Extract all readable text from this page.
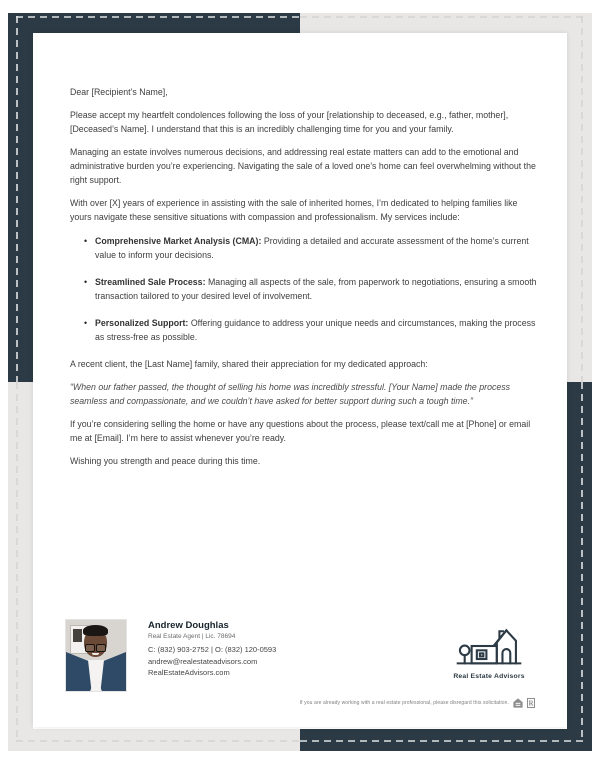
Dear [Recipient’s Name],

Please accept my heartfelt condolences following the loss of your [relationship to deceased, e.g., father, mother], [Deceased’s Name]. I understand that this is an incredibly challenging time for you and your family.

Managing an estate involves numerous decisions, and addressing real estate matters can add to the emotional and administrative burden you’re experiencing. Navigating the sale of a loved one’s home can feel overwhelming without the right support.

With over [X] years of experience in assisting with the sale of inherited homes, I’m dedicated to helping families like yours navigate these sensitive situations with compassion and professionalism. My services include:

• Comprehensive Market Analysis (CMA): Providing a detailed and accurate assessment of the home’s current value to inform your decisions.
• Streamlined Sale Process: Managing all aspects of the sale, from paperwork to negotiations, ensuring a smooth transaction tailored to your desired level of involvement.
• Personalized Support: Offering guidance to address your unique needs and circumstances, making the process as stress-free as possible.

A recent client, the [Last Name] family, shared their appreciation for my dedicated approach:

“When our father passed, the thought of selling his home was incredibly stressful. [Your Name] made the process seamless and compassionate, and we couldn’t have asked for better support during such a tough time.”

If you’re considering selling the home or have any questions about the process, please text/call me at [Phone] or email me at [Email]. I’m here to assist whenever you’re ready.

Wishing you strength and peace during this time.

Andrew Doughlas
Real Estate Agent | Lic. 78694
C: (832) 903-2752 | O: (832) 120-0593
andrew@realestateadvisors.com
RealEstateAdvisors.com	Real Estate Advisors
If you are already working with a real estate professional, please disregard this solicitation.	R
